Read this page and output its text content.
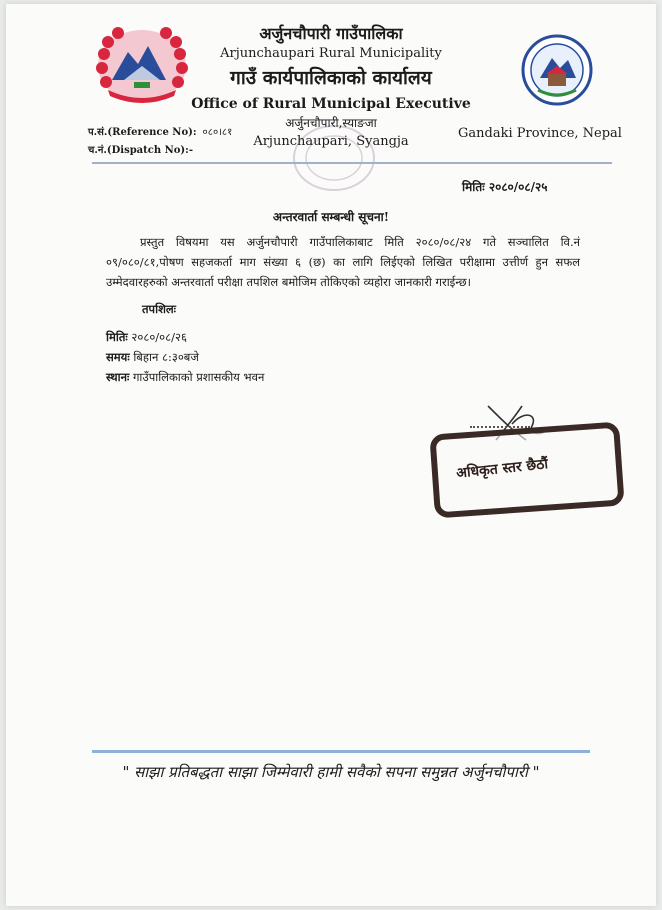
अर्जुनचौपारी गाउँपालिका
Arjunchaupari Rural Municipality
गाउँ कार्यपालिकाको कार्यालय
Office of Rural Municipal Executive
अर्जुनचौपारी,स्याङजा
Arjunchaupari, Syangja
प.सं.(Reference No): ०८०।८१
च.नं.(Dispatch No):-
Gandaki Province, Nepal
मितिः २०८०/०८/२५
अन्तरवार्ता सम्बन्धी सूचना!
प्रस्तुत विषयमा यस अर्जुनचौपारी गाउँपालिकाबाट मिति २०८०/०८/२४ गते सञ्चालित वि.नं ०९/०८०/८१,पोषण सहजकर्ता माग संख्या ६ (छ) का लागि लिईएको लिखित परीक्षामा उत्तीर्ण हुन सफल उम्मेदवारहरुको अन्तरवार्ता परीक्षा तपशिल बमोजिम तोकिएको व्यहोरा जानकारी गराईन्छ।
तपशिलः
मितिः २०८०/०८/२६
समयः बिहान ८:३०बजे
स्थानः गाउँपालिकाको प्रशासकीय भवन
अधिकृत स्तर छैठौं
" साझा प्रतिबद्धता साझा जिम्मेवारी हामी सवैको सपना समुन्नत अर्जुनचौपारी "
